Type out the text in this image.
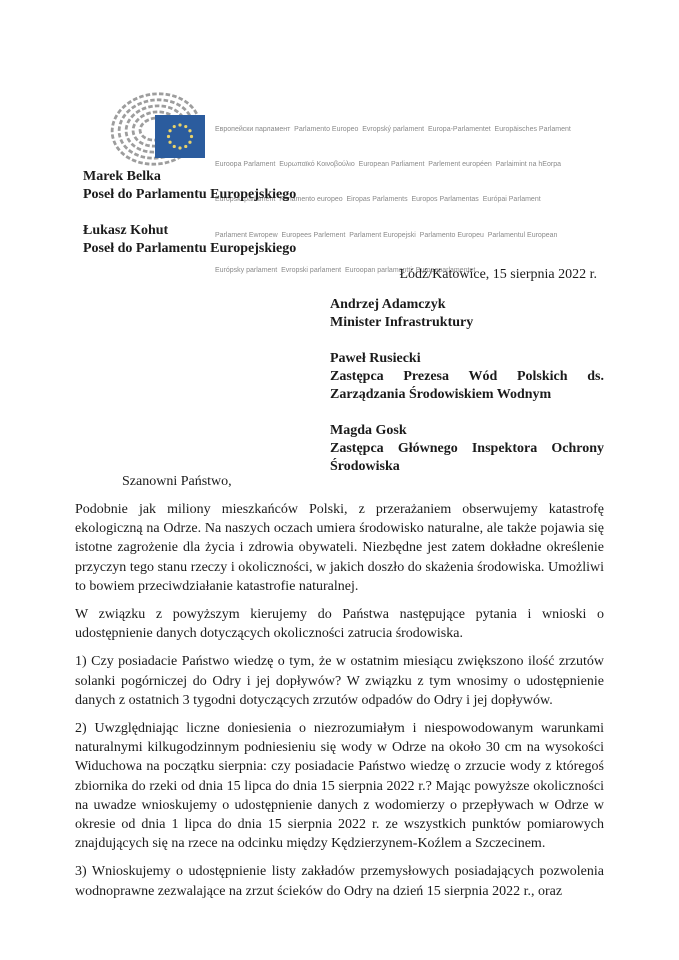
Европейски парламент  Parlamento Europeo  Evropský parlament  Europa-Parlamentet  Europäisches Parlament

Euroopa Parlament  Ευρωπαϊκό Κοινοβούλιο  European Parliament  Parlement européen  Parlaimint na hEorpa

Europski parlament  Parlamento europeo  Eiropas Parlaments  Europos Parlamentas  Európai Parlament

Parlament Ewropew  Europees Parlement  Parlament Europejski  Parlamento Europeu  Parlamentul European

Európsky parlament  Evropski parlament  Euroopan parlamentti  Europaparlamentet

Marek Belka
Poseł do Parlamentu Europejskiego
Łukasz Kohut
Poseł do Parlamentu Europejskiego
Łódź/Katowice, 15 sierpnia 2022 r.
Andrzej Adamczyk
Minister Infrastruktury
Paweł Rusiecki
Zastępca Prezesa Wód Polskich ds.
Zarządzania Środowiskiem Wodnym
Magda Gosk
Zastępca Głównego Inspektora Ochrony
Środowiska
Szanowni Państwo,

Podobnie jak miliony mieszkańców Polski, z przerażaniem obserwujemy katastrofę ekologiczną na Odrze. Na naszych oczach umiera środowisko naturalne, ale także pojawia się istotne zagrożenie dla życia i zdrowia obywateli. Niezbędne jest zatem dokładne określenie przyczyn tego stanu rzeczy i okoliczności, w jakich doszło do skażenia środowiska. Umożliwi to bowiem przeciwdziałanie katastrofie naturalnej.

W związku z powyższym kierujemy do Państwa następujące pytania i wnioski o udostępnienie danych dotyczących okoliczności zatrucia środowiska.

1) Czy posiadacie Państwo wiedzę o tym, że w ostatnim miesiącu zwiększono ilość zrzutów solanki pogórniczej do Odry i jej dopływów? W związku z tym wnosimy o udostępnienie danych z ostatnich 3 tygodni dotyczących zrzutów odpadów do Odry i jej dopływów.

2) Uwzględniając liczne doniesienia o niezrozumiałym i niespowodowanym warunkami naturalnymi kilkugodzinnym podniesieniu się wody w Odrze na około 30 cm na wysokości Widuchowa na początku sierpnia: czy posiadacie Państwo wiedzę o zrzucie wody z któregoś zbiornika do rzeki od dnia 15 lipca do dnia 15 sierpnia 2022 r.? Mając powyższe okoliczności na uwadze wnioskujemy o udostępnienie danych z wodomierzy o przepływach w Odrze w okresie od dnia 1 lipca do dnia 15 sierpnia 2022 r. ze wszystkich punktów pomiarowych znajdujących się na rzece na odcinku między Kędzierzynem-Koźlem a Szczecinem.

3) Wnioskujemy o udostępnienie listy zakładów przemysłowych posiadających pozwolenia wodnoprawne zezwalające na zrzut ścieków do Odry na dzień 15 sierpnia 2022 r., oraz
